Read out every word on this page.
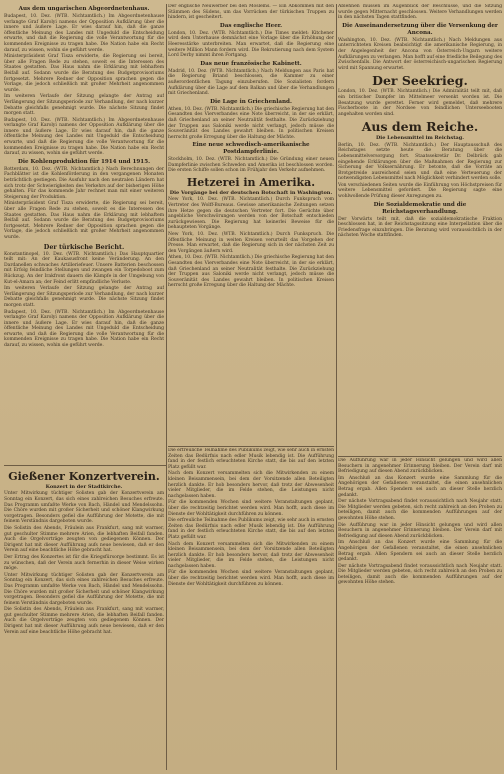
Aus dem ungarischen Abgeordnetenhaus.

Budapest, 10. Dez. (WTB. Nichtamtlich.) Im Abgeordnetenhause verlangte Graf Karolyi namens der Opposition Aufklärung über die innere und äußere Lage. Er wies darauf hin, daß die ganze öffentliche Meinung des Landes mit Ungeduld die Entscheidung erwarte, und daß die Regierung die volle Verantwortung für die kommenden Ereignisse zu tragen habe. Die Nation habe ein Recht darauf, zu wissen, wohin sie geführt werde.

Ministerpräsident Graf Tisza erwiderte, die Regierung sei bereit, über alle Fragen Rede zu stehen, soweit es die Interessen des Staates gestatten. Das Haus nahm die Erklärung mit lebhaftem Beifall auf. Sodann wurde die Beratung des Budgetprovisoriums fortgesetzt. Mehrere Redner der Opposition sprachen gegen die Vorlage, die jedoch schließlich mit großer Mehrheit angenommen wurde.

Im weiteren Verlaufe der Sitzung gelangte der Antrag auf Verlängerung der Sitzungsperiode zur Verhandlung, der nach kurzer Debatte gleichfalls genehmigt wurde. Die nächste Sitzung findet morgen statt.

Budapest, 10. Dez. (WTB. Nichtamtlich.) Im Abgeordnetenhause verlangte Graf Karolyi namens der Opposition Aufklärung über die innere und äußere Lage. Er wies darauf hin, daß die ganze öffentliche Meinung des Landes mit Ungeduld die Entscheidung erwarte, und daß die Regierung die volle Verantwortung für die kommenden Ereignisse zu tragen habe. Die Nation habe ein Recht darauf, zu wissen, wohin sie geführt werde.

Die Kohlenproduktion für 1914 und 1915.

Rotterdam, 10. Dez. (WTB. Nichtamtlich.) Nach Berechnungen der Fachblätter ist die Kohlenförderung in den vergangenen Monaten beträchtlich gestiegen. Die Ausfuhr nach den neutralen Ländern hat sich trotz der Schwierigkeiten des Verkehrs auf der bisherigen Höhe gehalten. Für das kommende Jahr rechnet man mit einer weiteren Steigerung der Produktion.

Ministerpräsident Graf Tisza erwiderte, die Regierung sei bereit, über alle Fragen Rede zu stehen, soweit es die Interessen des Staates gestatten. Das Haus nahm die Erklärung mit lebhaftem Beifall auf. Sodann wurde die Beratung des Budgetprovisoriums fortgesetzt. Mehrere Redner der Opposition sprachen gegen die Vorlage, die jedoch schließlich mit großer Mehrheit angenommen wurde.

Der türkische Bericht.

Konstantinopel, 10. Dez. (WTB. Nichtamtlich.) Das Hauptquartier teilt mit: An der Kaukasusfront keine Veränderung. An den Dardanellen schwaches Artilleriefeuer. Unsere Batterien beschossen mit Erfolg feindliche Stellungen und zwangen ein Torpedoboot zum Rückzug. An der Irakfront dauern die Kämpfe in der Umgebung von Kut-el-Amara an; der Feind erlitt empfindliche Verluste.

Im weiteren Verlaufe der Sitzung gelangte der Antrag auf Verlängerung der Sitzungsperiode zur Verhandlung, der nach kurzer Debatte gleichfalls genehmigt wurde. Die nächste Sitzung findet morgen statt.

Budapest, 10. Dez. (WTB. Nichtamtlich.) Im Abgeordnetenhause verlangte Graf Karolyi namens der Opposition Aufklärung über die innere und äußere Lage. Er wies darauf hin, daß die ganze öffentliche Meinung des Landes mit Ungeduld die Entscheidung erwarte, und daß die Regierung die volle Verantwortung für die kommenden Ereignisse zu tragen habe. Die Nation habe ein Recht darauf, zu wissen, wohin sie geführt werde.

Der englische Neuwerber bei den Moslems. — Ein Abkommen mit den Stämmen des Südens, um das Vorrücken der türkischen Truppen zu hindern, ist gescheitert.

Das englische Heer.

London, 10. Dez. (WTB. Nichtamtlich.) Die Times meldet: Kitchener wird dem Unterhause demnächst eine Vorlage über die Erhöhung der Heeresstärke unterbreiten. Man erwartet, daß die Regierung eine weitere Million Mann fordern wird. Die Rekrutierung nach dem System Lord Derby nimmt ihren Fortgang.

Das neue französische Kabinett.

Madrid, 10. Dez. (WTB. Nichtamtlich.) Nach Meldungen aus Paris hat die Regierung Briand beschlossen, die Kammer zu einer außerordentlichen Tagung einzuberufen. Die Sozialisten fordern Aufklärung über die Lage auf dem Balkan und über die Verhandlungen mit Griechenland.

Die Lage in Griechenland.

Athen, 10. Dez. (WTB. Nichtamtlich.) Die griechische Regierung hat den Gesandten des Vierverbandes eine Note überreicht, in der sie erklärt, daß Griechenland an seiner Neutralität festhalte. Die Zurückziehung der Truppen aus Saloniki werde nicht verlangt, jedoch müsse die Souveränität des Landes gewahrt bleiben. In politischen Kreisen herrscht große Erregung über die Haltung der Mächte.

Eine neue schwedisch-amerikanische Postdampferlinie.

Stockholm, 10. Dez. (WTB. Nichtamtlich.) Die Gründung einer neuen Dampferlinie zwischen Schweden und Amerika ist beschlossen worden. Die ersten Schiffe sollen schon im Frühjahr den Verkehr aufnehmen.

Hetzerei in Amerika.
Die Vorgänge bei der deutschen Botschaft in Washington.

New York, 10. Dez. (WTB. Nichtamtlich.) Durch Funkspruch vom Vertreter des Wolff-Bureaus. Gewisse amerikanische Zeitungen setzen ihre Hetze gegen die deutschen Vertreter fort. Die Gerüchte über angebliche Verschwörungen werden von der Botschaft entschieden zurückgewiesen. Die Regierung hat keinerlei Beweise für die behaupteten Vorgänge.

New York, 10. Dez. (WTB. Nichtamtlich.) Durch Funkspruch. Die öffentliche Meinung in weiten Kreisen verurteilt das Vorgehen der Presse. Man erwartet, daß die Regierung sich in der nächsten Zeit zu den Vorgängen äußern wird.

Athen, 10. Dez. (WTB. Nichtamtlich.) Die griechische Regierung hat den Gesandten des Vierverbandes eine Note überreicht, in der sie erklärt, daß Griechenland an seiner Neutralität festhalte. Die Zurückziehung der Truppen aus Saloniki werde nicht verlangt, jedoch müsse die Souveränität des Landes gewahrt bleiben. In politischen Kreisen herrscht große Erregung über die Haltung der Mächte.

Ablehnen müssen im Augenblick der Beschlüsse, und die Sitzung wurde gegen Mitternacht geschlossen. Weitere Verhandlungen werden in den nächsten Tagen stattfinden.

Die Auseinandersetzung über die Versenkung der Ancona.

Washington, 10. Dez. (WTB. Nichtamtlich.) Nach Meldungen aus unterrichteten Kreisen beabsichtigt die amerikanische Regierung, in der Angelegenheit der Ancona von Österreich-Ungarn weitere Aufklärungen zu verlangen. Man hofft auf eine friedliche Beilegung des Zwischenfalls. Die Antwort der österreichisch-ungarischen Regierung wird mit Spannung erwartet.

Der Seekrieg.

London, 10. Dez. (WTB. Nichtamtlich.) Die Admiralität teilt mit, daß ein britischer Dampfer im Mittelmeer versenkt worden ist. Die Besatzung wurde gerettet. Ferner wird gemeldet, daß mehrere Fischerboote in der Nordsee von feindlichen Unterseebooten angehalten worden sind.

Aus dem Reiche.
Die Lebensmittel im Reichstag.

Berlin, 10. Dez. (WTB. Nichtamtlich.) Der Hauptausschuß des Reichstages setzte heute die Beratung über die Lebensmittelversorgung fort. Staatssekretär Dr. Delbrück gab eingehende Erklärungen über die Maßnahmen der Regierung zur Sicherung der Volksernährung. Er betonte, daß die Vorräte an Brotgetreide ausreichend seien und daß eine Verteuerung der notwendigsten Lebensmittel nach Möglichkeit verhindert werden solle.

Von verschiedenen Seiten wurde die Einführung von Höchstpreisen für weitere Lebensmittel gefordert. Die Regierung sagte eine wohlwollende Prüfung dieser Anregungen zu.

Die Sozialdemokratie und die Reichstagsverhandlung.

Der Vorwärts teilt mit, daß die sozialdemokratische Fraktion beschlossen hat, in der Reichstagssitzung eine Interpellation über die Friedensfrage einzubringen. Die Beratung wird voraussichtlich in der nächsten Woche stattfinden.

Gießener Konzertverein.
Konzert in der Stadtkirche.

Unter Mitwirkung tüchtiger Solisten gab der Konzertverein am Sonntag ein Konzert, das sich eines zahlreichen Besuches erfreute. Das Programm umfaßte Werke von Bach, Händel und Mendelssohn. Die Chöre wurden mit großer Sicherheit und schöner Klangwirkung vorgetragen. Besonders gefiel die Aufführung der Motette, die mit feinem Verständnis dargeboten wurde.

Die Solistin des Abends, Fräulein aus Frankfurt, sang mit warmer, gut geschulter Stimme mehrere Arien, die lebhaften Beifall fanden. Auch die Orgelvorträge zeugten von gediegenem Können. Der Dirigent hat mit dieser Aufführung aufs neue bewiesen, daß er den Verein auf eine beachtliche Höhe gebracht hat.

Der Ertrag des Konzertes ist für die Kriegsfürsorge bestimmt. Es ist zu wünschen, daß der Verein auch fernerhin in dieser Weise wirken möge.

Unter Mitwirkung tüchtiger Solisten gab der Konzertverein am Sonntag ein Konzert, das sich eines zahlreichen Besuches erfreute. Das Programm umfaßte Werke von Bach, Händel und Mendelssohn. Die Chöre wurden mit großer Sicherheit und schöner Klangwirkung vorgetragen. Besonders gefiel die Aufführung der Motette, die mit feinem Verständnis dargeboten wurde.

Die Solistin des Abends, Fräulein aus Frankfurt, sang mit warmer, gut geschulter Stimme mehrere Arien, die lebhaften Beifall fanden. Auch die Orgelvorträge zeugten von gediegenem Können. Der Dirigent hat mit dieser Aufführung aufs neue bewiesen, daß er den Verein auf eine beachtliche Höhe gebracht hat.

Die erfreuliche Teilnahme des Publikums zeigt, wie sehr auch in ernsten Zeiten das Bedürfnis nach edler Musik lebendig ist. Die Aufführung fand in der festlich erleuchteten Kirche statt, die bis auf den letzten Platz gefüllt war.

Nach dem Konzert versammelten sich die Mitwirkenden zu einem kleinen Beisammensein, bei dem der Vorsitzende allen Beteiligten herzlich dankte. Er hob besonders hervor, daß trotz der Abwesenheit vieler Mitglieder, die im Felde stehen, die Leistungen nicht nachgelassen haben.

Für die kommenden Wochen sind weitere Veranstaltungen geplant, über die rechtzeitig berichtet werden wird. Man hofft, auch diese im Dienste der Wohltätigkeit durchführen zu können.

Die erfreuliche Teilnahme des Publikums zeigt, wie sehr auch in ernsten Zeiten das Bedürfnis nach edler Musik lebendig ist. Die Aufführung fand in der festlich erleuchteten Kirche statt, die bis auf den letzten Platz gefüllt war.

Nach dem Konzert versammelten sich die Mitwirkenden zu einem kleinen Beisammensein, bei dem der Vorsitzende allen Beteiligten herzlich dankte. Er hob besonders hervor, daß trotz der Abwesenheit vieler Mitglieder, die im Felde stehen, die Leistungen nicht nachgelassen haben.

Für die kommenden Wochen sind weitere Veranstaltungen geplant, über die rechtzeitig berichtet werden wird. Man hofft, auch diese im Dienste der Wohltätigkeit durchführen zu können.

Die Aufführung war in jeder Hinsicht gelungen und wird allen Besuchern in angenehmer Erinnerung bleiben. Der Verein darf mit Befriedigung auf diesen Abend zurückblicken.

Im Anschluß an das Konzert wurde eine Sammlung für die Angehörigen der Gefallenen veranstaltet, die einen ansehnlichen Betrag ergab. Allen Spendern sei auch an dieser Stelle herzlich gedankt.

Der nächste Vortragsabend findet voraussichtlich nach Neujahr statt. Die Mitglieder werden gebeten, sich recht zahlreich an den Proben zu beteiligen, damit auch die kommenden Aufführungen auf der gewohnten Höhe stehen.

Die Aufführung war in jeder Hinsicht gelungen und wird allen Besuchern in angenehmer Erinnerung bleiben. Der Verein darf mit Befriedigung auf diesen Abend zurückblicken.

Im Anschluß an das Konzert wurde eine Sammlung für die Angehörigen der Gefallenen veranstaltet, die einen ansehnlichen Betrag ergab. Allen Spendern sei auch an dieser Stelle herzlich gedankt.

Der nächste Vortragsabend findet voraussichtlich nach Neujahr statt. Die Mitglieder werden gebeten, sich recht zahlreich an den Proben zu beteiligen, damit auch die kommenden Aufführungen auf der gewohnten Höhe stehen.
